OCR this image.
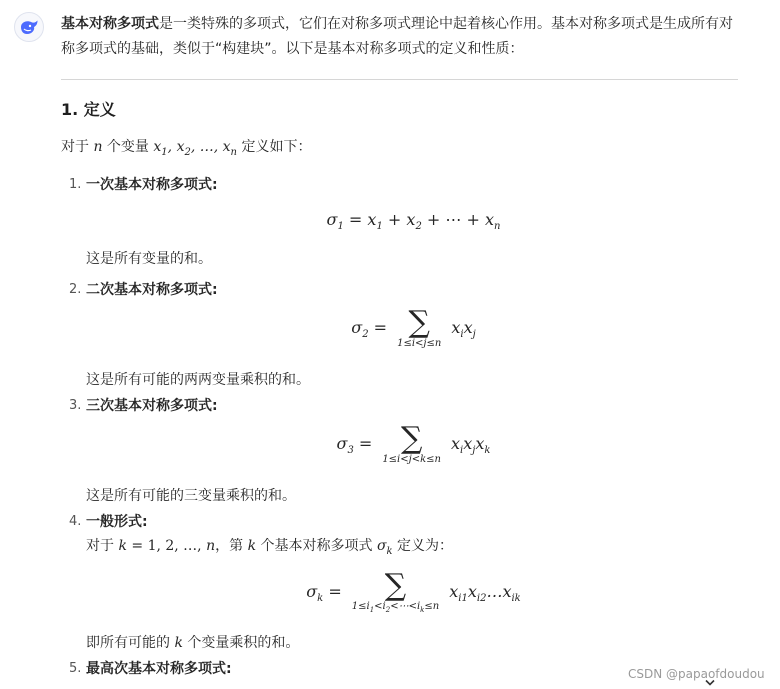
基本对称多项式是一类特殊的多项式，它们在对称多项式理论中起着核心作用。基本对称多项式是生成所有对称多项式的基础，类似于“构建块”。以下是基本对称多项式的定义和性质：

1. 定义

对于 n 个变量 $x_1$, $x_2$, …, $x_n$ 定义如下：

1. 一次基本对称多项式:
$\sigma_1 = x_1 + x_2$ + ⋯ + $x_n$
这是所有变量的和。
2. 二次基本对称多项式:
$\sigma_2$ = ∑
1≤i<j≤n
$x_ix_j$
这是所有可能的两两变量乘积的和。
3. 三次基本对称多项式:
$\sigma_3$ = ∑
1≤i<j<k≤n
$x_ix_jx_k$
这是所有可能的三变量乘积的和。
4. 一般形式:
对于 k = 1, 2, …, n，第 k 个基本对称多项式 $\sigma_k$ 定义为：
$\sigma_k$ = ∑
$1\le i_1<i_2<\cdots<i_k\le n$
$x_{i1}x_{i2}\dots x_{ik}$
即所有可能的 k 个变量乘积的和。
5. 最高次基本对称多项式:	CSDN @papaofdoudou
